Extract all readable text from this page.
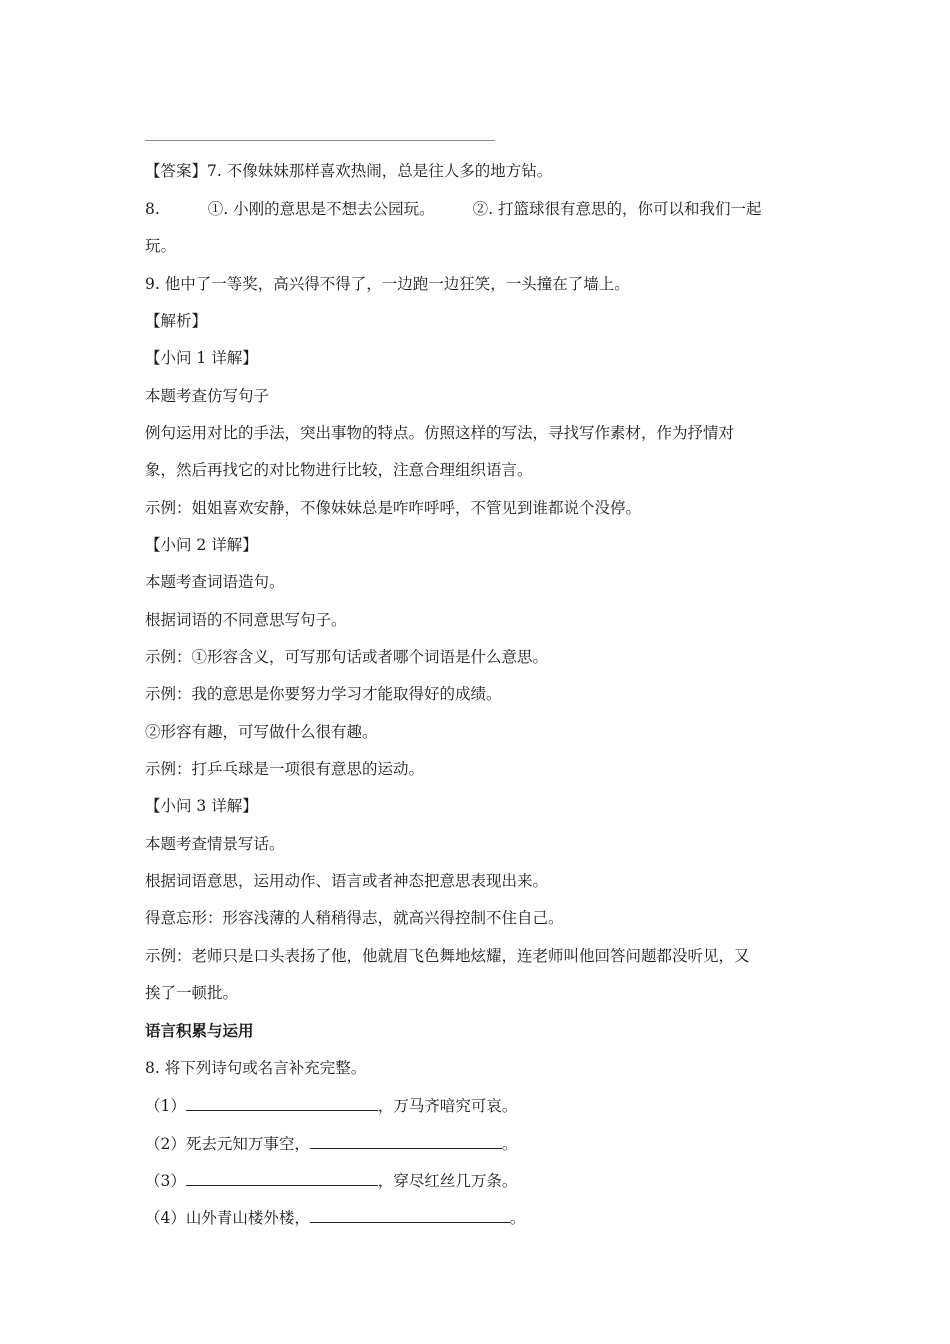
【答案】7. 不像妹妹那样喜欢热闹，总是往人多的地方钻。
8.	①. 小刚的意思是不想去公园玩。 ②. 打篮球很有意思的，你可以和我们一起
玩。
9. 他中了一等奖，高兴得不得了，一边跑一边狂笑，一头撞在了墙上。
【解析】
【小问 1 详解】
本题考查仿写句子
例句运用对比的手法，突出事物的特点。仿照这样的写法，寻找写作素材，作为抒情对
象，然后再找它的对比物进行比较，注意合理组织语言。
示例：姐姐喜欢安静，不像妹妹总是咋咋呼呼，不管见到谁都说个没停。
【小问 2 详解】
本题考查词语造句。
根据词语的不同意思写句子。
示例：①形容含义，可写那句话或者哪个词语是什么意思。
示例：我的意思是你要努力学习才能取得好的成绩。
②形容有趣，可写做什么很有趣。
示例：打乒乓球是一项很有意思的运动。
【小问 3 详解】
本题考查情景写话。
根据词语意思，运用动作、语言或者神态把意思表现出来。
得意忘形：形容浅薄的人稍稍得志，就高兴得控制不住自己。
示例：老师只是口头表扬了他，他就眉飞色舞地炫耀，连老师叫他回答问题都没听见，又
挨了一顿批。
语言积累与运用
8. 将下列诗句或名言补充完整。
（1）	，万马齐喑究可哀。
（2）死去元知万事空，	。
（3）	，穿尽红丝几万条。
（4）山外青山楼外楼，	。
